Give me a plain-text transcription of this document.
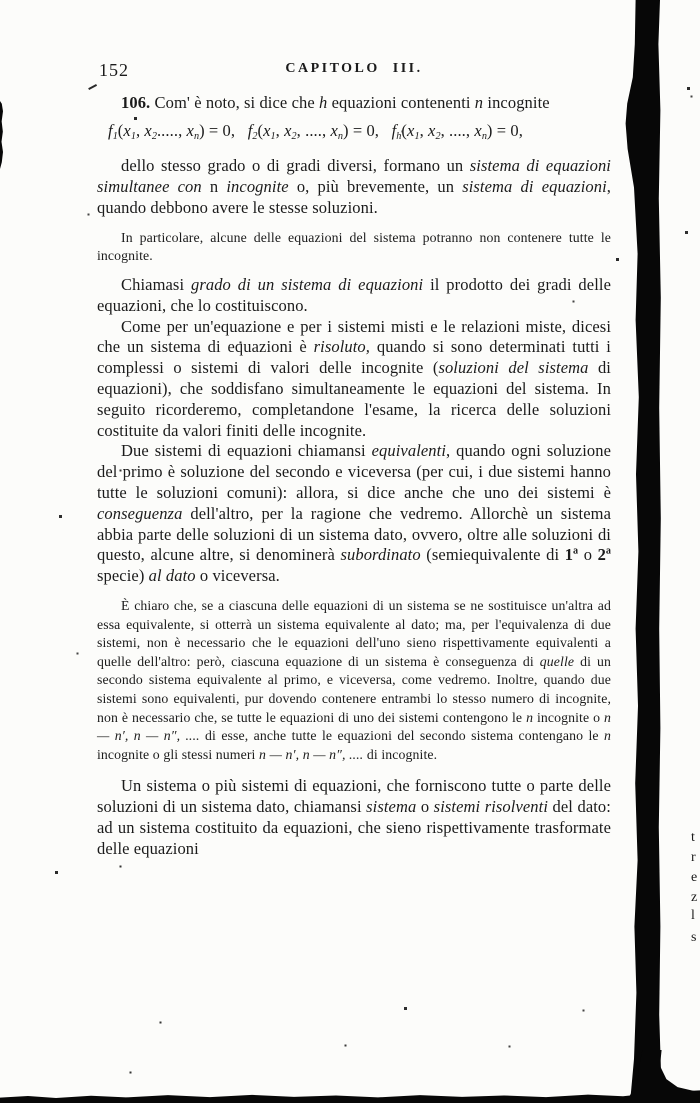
152	CAPITOLO III.

106. Com' è noto, si dice che h equazioni contenenti n incognite

f1(x1, x2....., xn) = 0,  f2(x1, x2, ...., xn) = 0,  fh(x1, x2, ...., xn) = 0,

dello stesso grado o di gradi diversi, formano un sistema di equazioni simultanee con n incognite o, più brevemente, un sistema di equazioni, quando debbono avere le stesse soluzioni.

In particolare, alcune delle equazioni del sistema potranno non contenere tutte le incognite.

Chiamasi grado di un sistema di equazioni il prodotto dei gradi delle equazioni, che lo costituiscono.

Come per un'equazione e per i sistemi misti e le relazioni miste, dicesi che un sistema di equazioni è risoluto, quando si sono determinati tutti i complessi o sistemi di valori delle incognite (soluzioni del sistema di equazioni), che soddisfano simultaneamente le equazioni del sistema. In seguito ricorderemo, completandone l'esame, la ricerca delle soluzioni costituite da valori finiti delle incognite.

Due sistemi di equazioni chiamansi equivalenti, quando ogni soluzione del primo è soluzione del secondo e viceversa (per cui, i due sistemi hanno tutte le soluzioni comuni): allora, si dice anche che uno dei sistemi è conseguenza dell'altro, per la ragione che vedremo. Allorchè un sistema abbia parte delle soluzioni di un sistema dato, ovvero, oltre alle soluzioni di questo, alcune altre, si denominerà subordinato (semiequivalente di 1ª o 2ª specie) al dato o viceversa.

È chiaro che, se a ciascuna delle equazioni di un sistema se ne sostituisce un'altra ad essa equivalente, si otterrà un sistema equivalente al dato; ma, per l'equivalenza di due sistemi, non è necessario che le equazioni dell'uno sieno rispettivamente equivalenti a quelle dell'altro: però, ciascuna equazione di un sistema è conseguenza di quelle di un secondo sistema equivalente al primo, e viceversa, come vedremo. Inoltre, quando due sistemi sono equivalenti, pur dovendo contenere entrambi lo stesso numero di incognite, non è necessario che, se tutte le equazioni di uno dei sistemi contengono le n incognite o n — n′, n — n″, .... di esse, anche tutte le equazioni del secondo sistema contengano le n incognite o gli stessi numeri n — n′, n — n″, .... di incognite.

Un sistema o più sistemi di equazioni, che forniscono tutte o parte delle soluzioni di un sistema dato, chiamansi sistema o sistemi risolventi del dato: ad un sistema costituito da equazioni, che sieno rispettivamente trasformate delle equazioni

t
r
e
z
l
s
